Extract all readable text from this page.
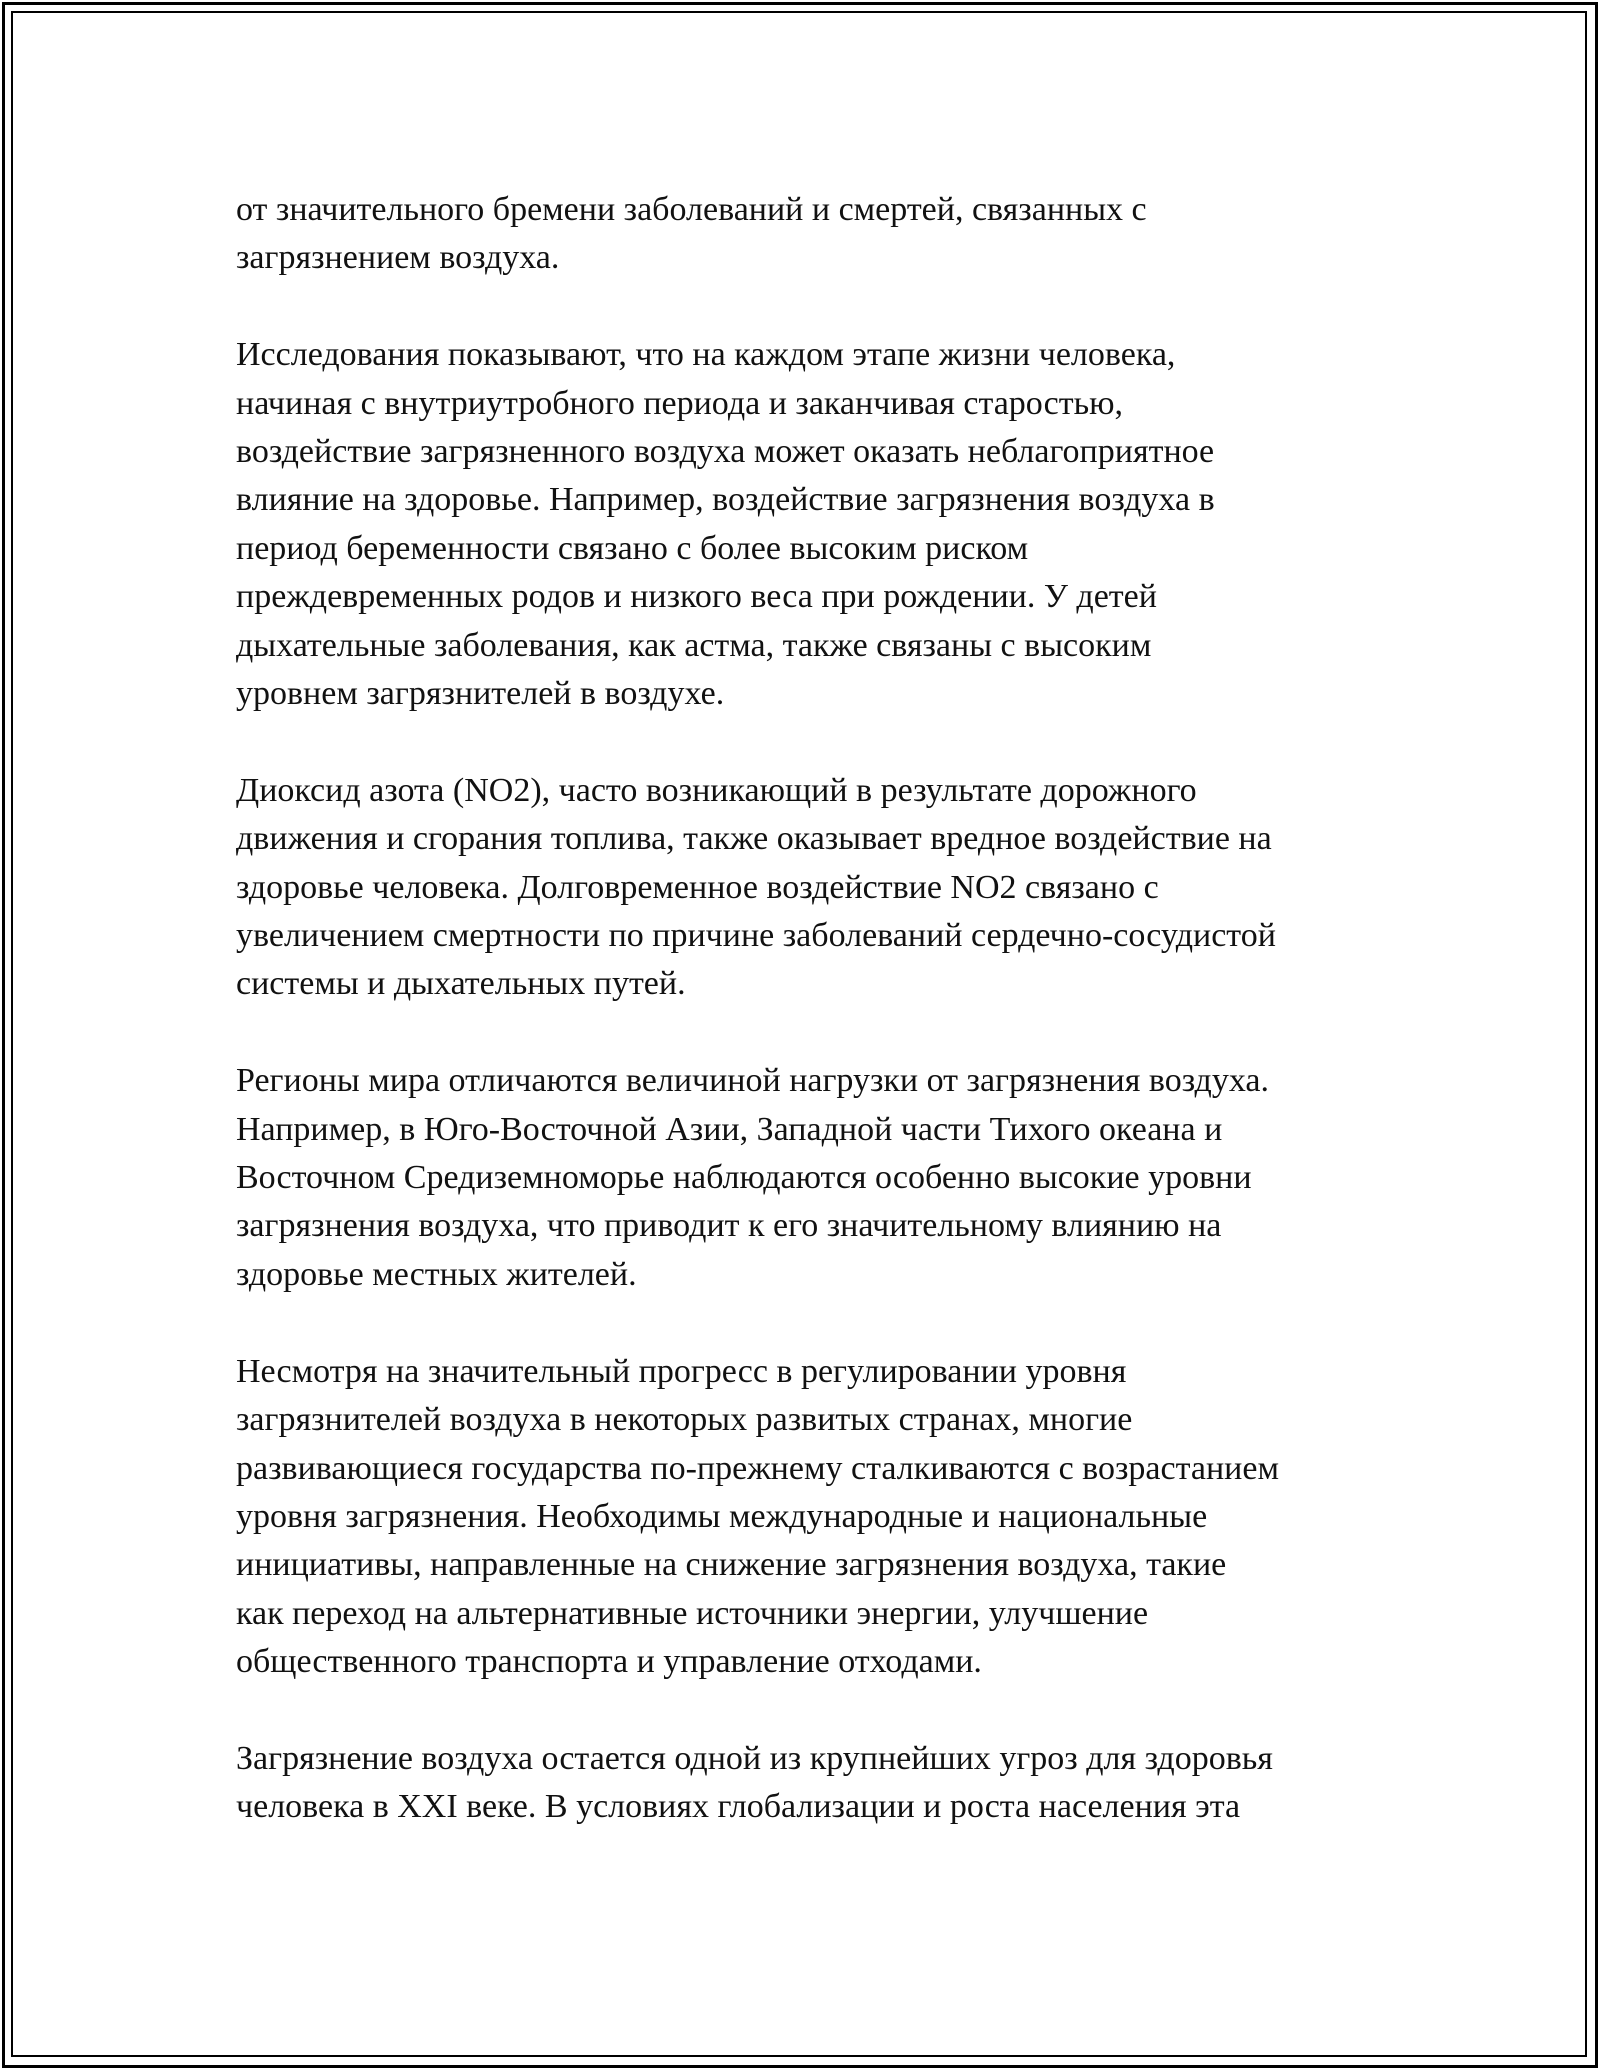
от значительного бремени заболеваний и смертей, связанных с
загрязнением воздуха.

Исследования показывают, что на каждом этапе жизни человека,
начиная с внутриутробного периода и заканчивая старостью,
воздействие загрязненного воздуха может оказать неблагоприятное
влияние на здоровье. Например, воздействие загрязнения воздуха в
период беременности связано с более высоким риском
преждевременных родов и низкого веса при рождении. У детей
дыхательные заболевания, как астма, также связаны с высоким
уровнем загрязнителей в воздухе.

Диоксид азота (NO2), часто возникающий в результате дорожного
движения и сгорания топлива, также оказывает вредное воздействие на
здоровье человека. Долговременное воздействие NO2 связано с
увеличением смертности по причине заболеваний сердечно-сосудистой
системы и дыхательных путей.

Регионы мира отличаются величиной нагрузки от загрязнения воздуха.
Например, в Юго-Восточной Азии, Западной части Тихого океана и
Восточном Средиземноморье наблюдаются особенно высокие уровни
загрязнения воздуха, что приводит к его значительному влиянию на
здоровье местных жителей.

Несмотря на значительный прогресс в регулировании уровня
загрязнителей воздуха в некоторых развитых странах, многие
развивающиеся государства по-прежнему сталкиваются с возрастанием
уровня загрязнения. Необходимы международные и национальные
инициативы, направленные на снижение загрязнения воздуха, такие
как переход на альтернативные источники энергии, улучшение
общественного транспорта и управление отходами.

Загрязнение воздуха остается одной из крупнейших угроз для здоровья
человека в XXI веке. В условиях глобализации и роста населения эта
